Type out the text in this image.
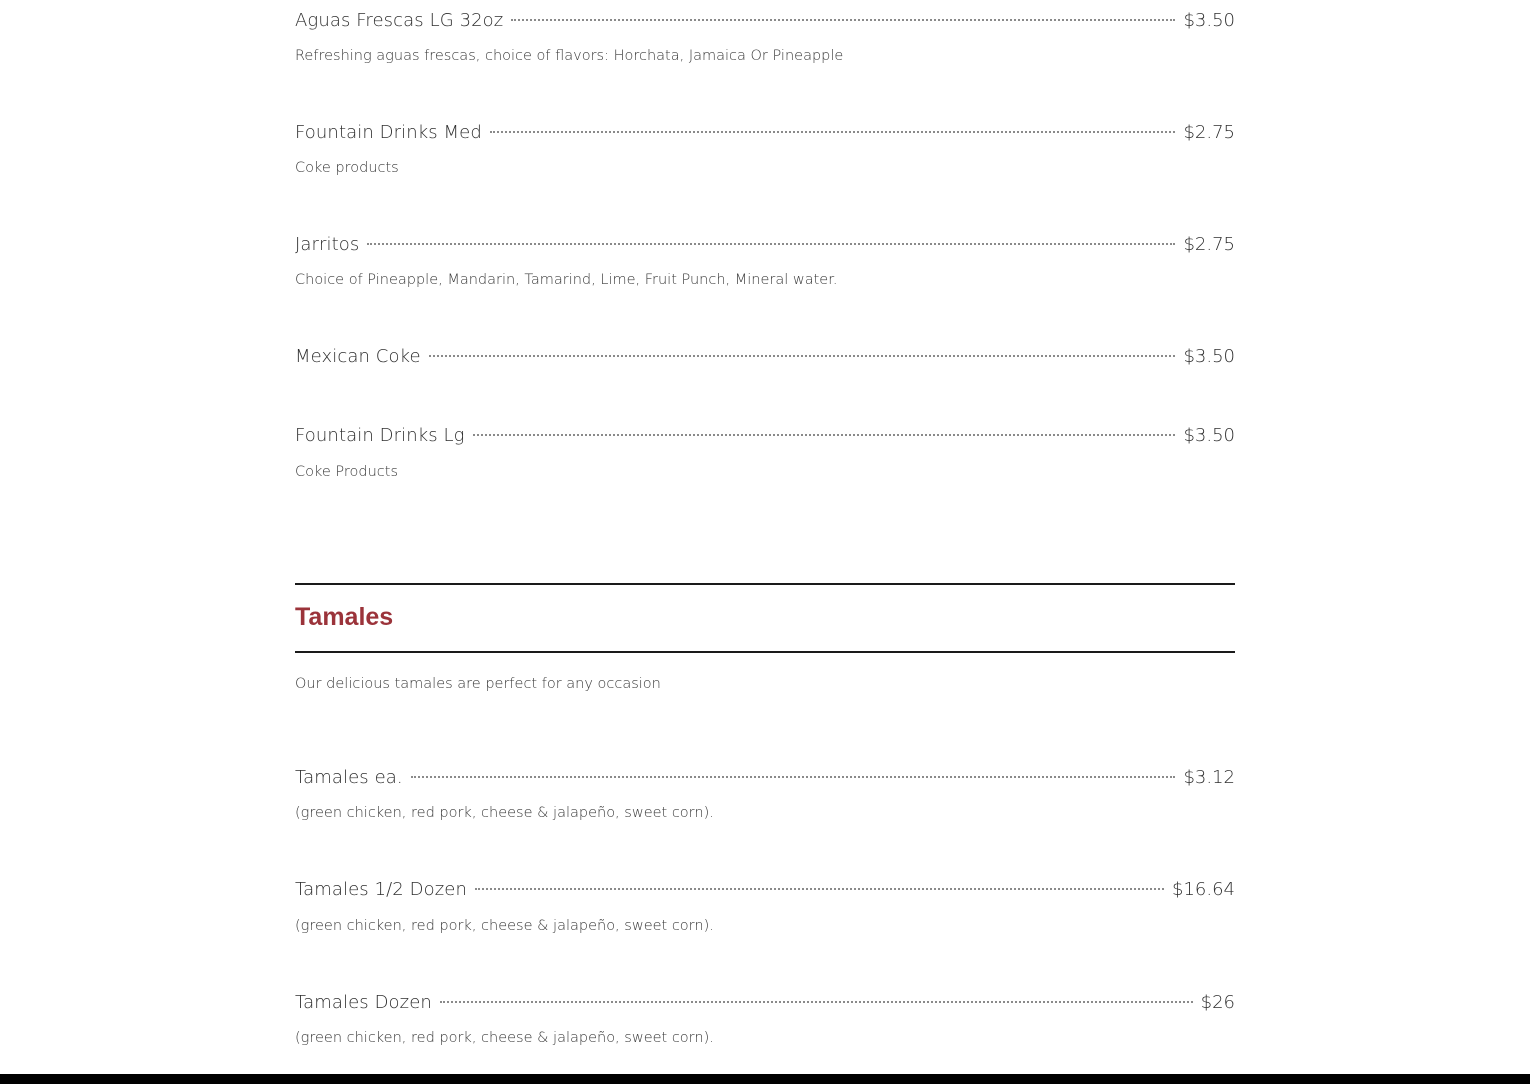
Aguas Frescas LG 32oz	$3.50
Refreshing aguas frescas, choice of flavors: Horchata, Jamaica Or Pineapple
Fountain Drinks Med	$2.75
Coke products
Jarritos	$2.75
Choice of Pineapple, Mandarin, Tamarind, Lime, Fruit Punch, Mineral water.
Mexican Coke	$3.50
Fountain Drinks Lg	$3.50
Coke Products
Tamales
Our delicious tamales are perfect for any occasion
Tamales ea.	$3.12
(green chicken, red pork, cheese & jalapeño, sweet corn).
Tamales 1/2 Dozen	$16.64
(green chicken, red pork, cheese & jalapeño, sweet corn).
Tamales Dozen	$26
(green chicken, red pork, cheese & jalapeño, sweet corn).
